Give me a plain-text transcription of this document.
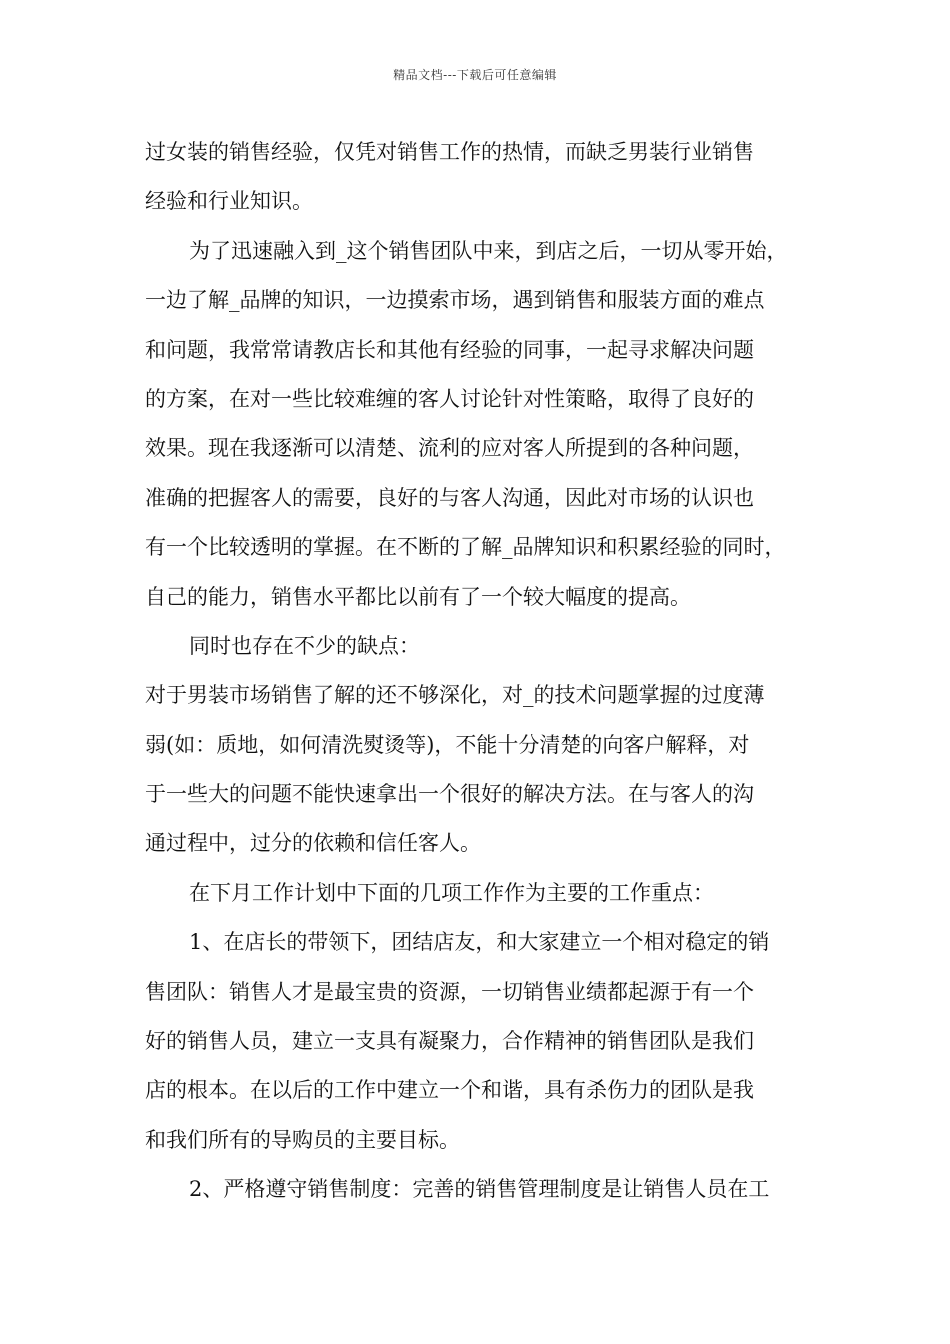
精品文档---下载后可任意编辑
过女装的销售经验，仅凭对销售工作的热情，而缺乏男装行业销售
经验和行业知识。
为了迅速融入到_这个销售团队中来，到店之后，一切从零开始，
一边了解_品牌的知识，一边摸索市场，遇到销售和服装方面的难点
和问题，我常常请教店长和其他有经验的同事，一起寻求解决问题
的方案，在对一些比较难缠的客人讨论针对性策略，取得了良好的
效果。现在我逐渐可以清楚、流利的应对客人所提到的各种问题，
准确的把握客人的需要，良好的与客人沟通，因此对市场的认识也
有一个比较透明的掌握。在不断的了解_品牌知识和积累经验的同时，
自己的能力，销售水平都比以前有了一个较大幅度的提高。
同时也存在不少的缺点：
对于男装市场销售了解的还不够深化，对_的技术问题掌握的过度薄
弱(如：质地，如何清洗熨烫等)，不能十分清楚的向客户解释，对
于一些大的问题不能快速拿出一个很好的解决方法。在与客人的沟
通过程中，过分的依赖和信任客人。
在下月工作计划中下面的几项工作作为主要的工作重点：
1、在店长的带领下，团结店友，和大家建立一个相对稳定的销
售团队：销售人才是最宝贵的资源，一切销售业绩都起源于有一个
好的销售人员，建立一支具有凝聚力，合作精神的销售团队是我们
店的根本。在以后的工作中建立一个和谐，具有杀伤力的团队是我
和我们所有的导购员的主要目标。
2、严格遵守销售制度：完善的销售管理制度是让销售人员在工
